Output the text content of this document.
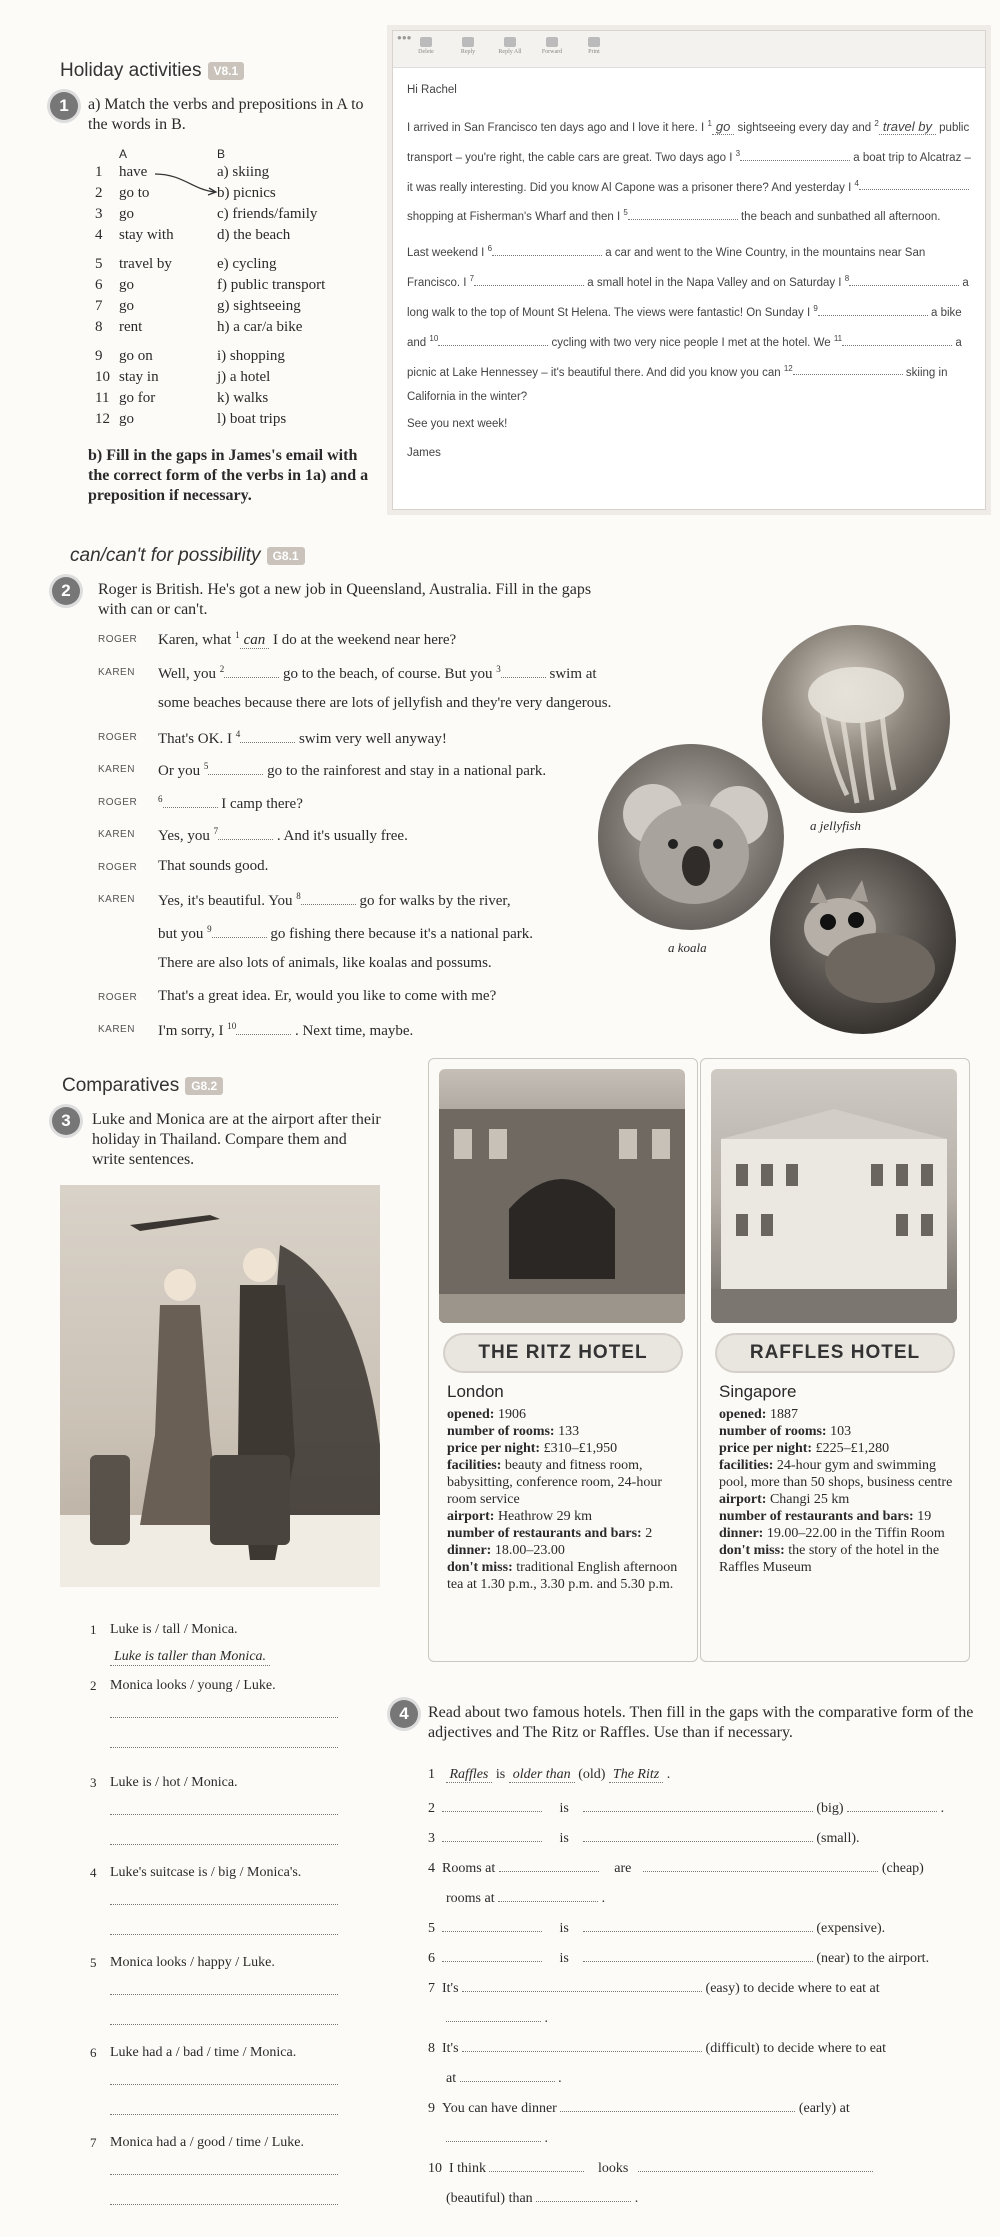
Holiday activities V8.1
1	a) Match the verbs and prepositions in A to the words in B.
A	B
1	have	a) skiing
2	go to	b) picnics
3	go	c) friends/family
4	stay with	d) the beach
5	travel by	e) cycling
6	go	f) public transport
7	go	g) sightseeing
8	rent	h) a car/a bike
9	go on	i) shopping
10 stay in	j) a hotel
11 go for	k) walks
12 go	l) boat trips
b) Fill in the gaps in James's email with the correct form of the verbs in 1a) and a preposition if necessary.
●●●

Delete	Reply	Reply All	Forward	Print
Hi Rachel
I arrived in San Francisco ten days ago and I love it here. I $^1$ go sightseeing every day and $^2$ travel by public transport – you're right, the cable cars are great. Two days ago I $^3$	a boat trip to Alcatraz – it was really interesting. Did you know Al Capone was a prisoner there? And yesterday I $^4$ shopping at Fisherman's Wharf and then I $^5$	the beach and sunbathed all afternoon.
Last weekend I $^6$	a car and went to the Wine Country, in the mountains near San Francisco. I $^7$	a small hotel in the Napa Valley and on Saturday I $^8$	a long walk to the top of Mount St Helena. The views were fantastic! On Sunday I $^9$	a bike and $^{10}$	cycling with two very nice people I met at the hotel. We $^{11}$	a picnic at Lake Hennessey – it's beautiful there. And did you know you can $^{12}$	skiing in California in the winter?
See you next week!
James
can/can't for possibility G8.1
2	Roger is British. He's got a new job in Queensland, Australia. Fill in the gaps with can or can't.
ROGER Karen, what $^1$ can I do at the weekend near here?
KAREN Well, you $^2$	go to the beach, of course. But you $^3$	swim at
some beaches because there are lots of jellyfish and they're very dangerous.
ROGER That's OK. I $^4$	swim very well anyway!
KAREN Or you $^5$	go to the rainforest and stay in a national park.
ROGER $^6$	I camp there?
KAREN Yes, you $^7$	. And it's usually free.
ROGER That sounds good.
KAREN Yes, it's beautiful. You $^8$	go for walks by the river,
but you $^9$	go fishing there because it's a national park.
There are also lots of animals, like koalas and possums.
ROGER That's a great idea. Er, would you like to come with me?
KAREN I'm sorry, I $^{10}$	. Next time, maybe.
a jellyfish
a koala
Comparatives G8.2
3	Luke and Monica are at the airport after their holiday in Thailand. Compare them and write sentences.
1 Luke is / tall / Monica.
Luke is taller than Monica.
2 Monica looks / young / Luke.
3 Luke is / hot / Monica.
4 Luke's suitcase is / big / Monica's.
5 Monica looks / happy / Luke.
6 Luke had a / bad / time / Monica.
7 Monica had a / good / time / Luke.
THE RITZ HOTEL
London
opened: 1906
number of rooms: 133
price per night: £310–£1,950
facilities: beauty and fitness room, babysitting, conference room, 24-hour room service
airport: Heathrow 29 km
number of restaurants and bars: 2
dinner: 18.00–23.00
don't miss: traditional English afternoon tea at 1.30 p.m., 3.30 p.m. and 5.30 p.m.
RAFFLES HOTEL
Singapore
opened: 1887
number of rooms: 103
price per night: £225–£1,280
facilities: 24-hour gym and swimming pool, more than 50 shops, business centre
airport: Changi 25 km
number of restaurants and bars: 19
dinner: 19.00–22.00 in the Tiffin Room
don't miss: the story of the hotel in the Raffles Museum
4	Read about two famous hotels. Then fill in the gaps with the comparative form of the adjectives and The Ritz or Raffles. Use than if necessary.
1 Raffles is older than (old) The Ritz .
2	is	(big)	.
3	is	(small).
4 Rooms at	are	(cheap)
rooms at	.
5	is	(expensive).
6	is	(near) to the airport.
7 It's	(easy) to decide where to eat at
.
8 It's	(difficult) to decide where to eat
at	.
9 You can have dinner	(early) at
.
10 I think	looks
(beautiful) than	.
